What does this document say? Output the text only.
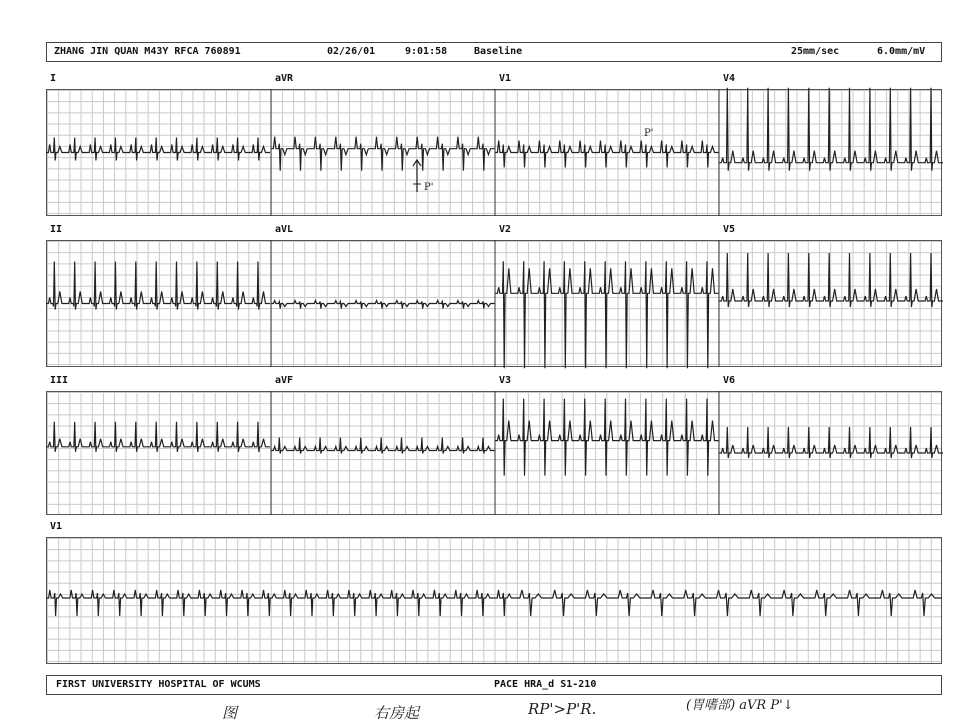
ZHANG JIN QUAN M43Y RFCA 760891	02/26/01	9:01:58	Baseline	25mm/sec	6.0mm/mV
I	aVR	V1	V4
II	aVL	V2	V5
III	aVF	V3	V6
V1
P'
P'
FIRST UNIVERSITY HOSPITAL OF WCUMS	PACE HRA_d S1-210
图	右房起	RP'>P'R.	(胃嗜部) aVR P'↓
